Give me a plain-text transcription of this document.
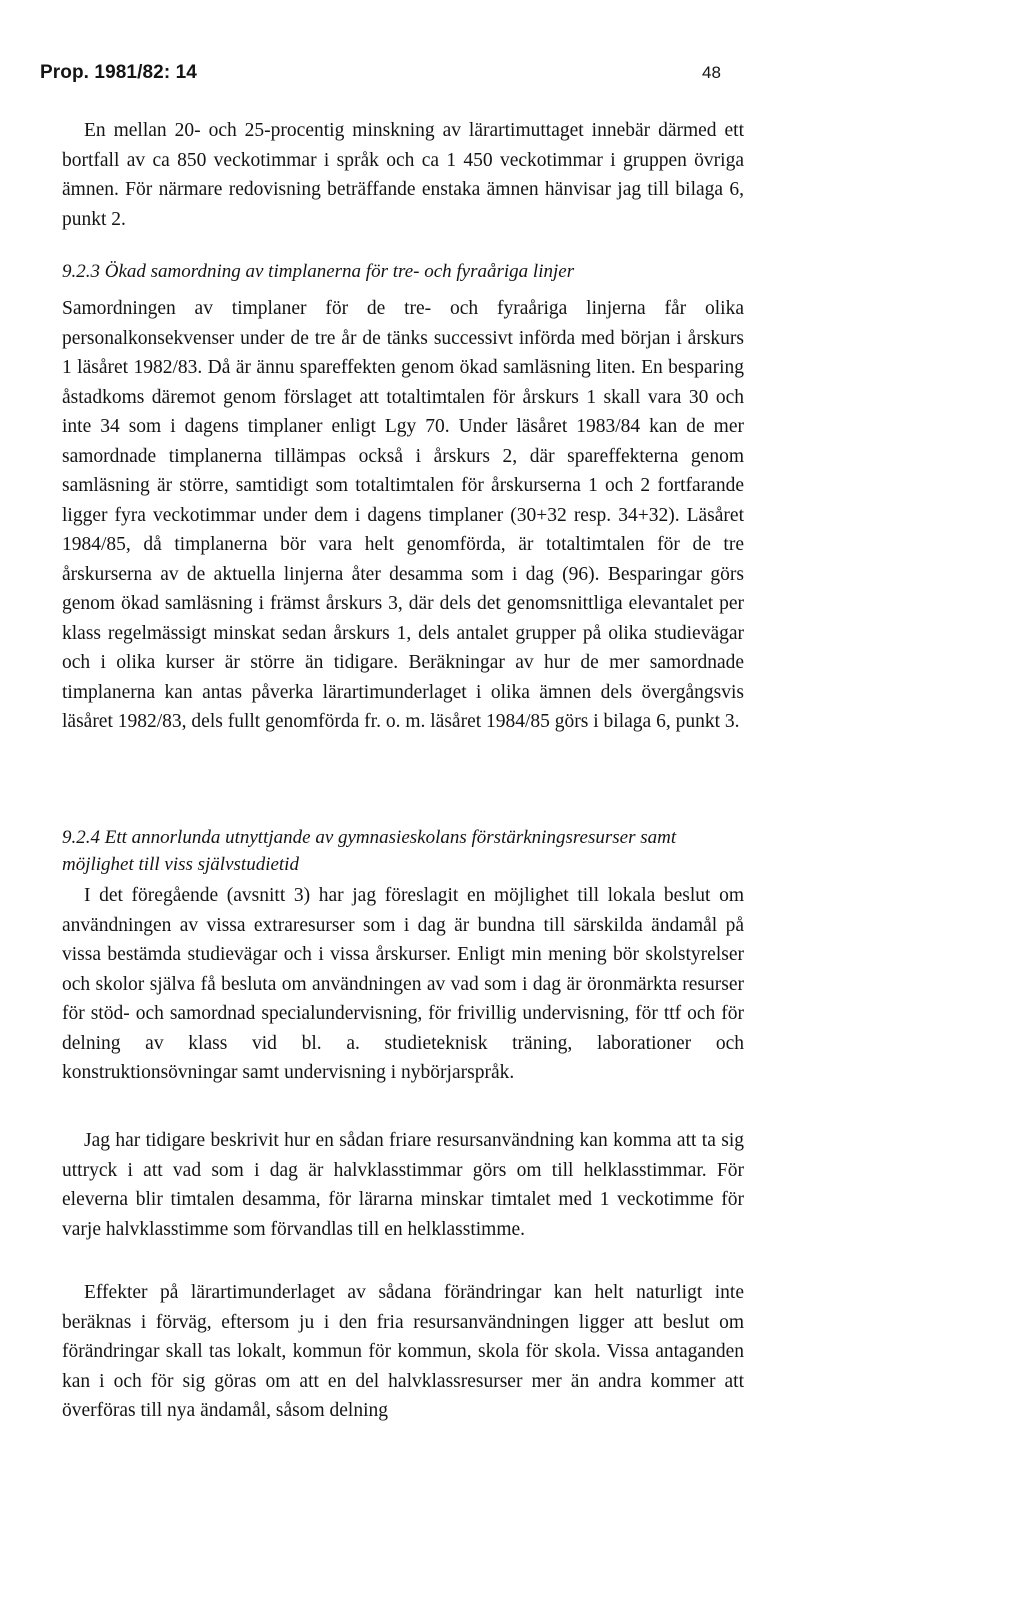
Prop. 1981/82: 14	48

En mellan 20- och 25-procentig minskning av lärartimuttaget innebär därmed ett bortfall av ca 850 veckotimmar i språk och ca 1 450 veckotimmar i gruppen övriga ämnen. För närmare redovisning beträffande enstaka ämnen hänvisar jag till bilaga 6, punkt 2.

9.2.3 Ökad samordning av timplanerna för tre- och fyraåriga linjer

Samordningen av timplaner för de tre- och fyraåriga linjerna får olika personalkonsekvenser under de tre år de tänks successivt införda med början i årskurs 1 läsåret 1982/83. Då är ännu spareffekten genom ökad samläsning liten. En besparing åstadkoms däremot genom förslaget att totaltimtalen för årskurs 1 skall vara 30 och inte 34 som i dagens timplaner enligt Lgy 70. Under läsåret 1983/84 kan de mer samordnade timplanerna tillämpas också i årskurs 2, där spareffekterna genom samläsning är större, samtidigt som totaltimtalen för årskurserna 1 och 2 fortfarande ligger fyra veckotimmar under dem i dagens timplaner (30+32 resp. 34+32). Läsåret 1984/85, då timplanerna bör vara helt genomförda, är totaltimtalen för de tre årskurserna av de aktuella linjerna åter desamma som i dag (96). Besparingar görs genom ökad samläsning i främst årskurs 3, där dels det genomsnittliga elevantalet per klass regelmässigt minskat sedan årskurs 1, dels antalet grupper på olika studievägar och i olika kurser är större än tidigare. Beräkningar av hur de mer samordnade timplanerna kan antas påverka lärartimunderlaget i olika ämnen dels övergångsvis läsåret 1982/83, dels fullt genomförda fr. o. m. läsåret 1984/85 görs i bilaga 6, punkt 3.

9.2.4 Ett annorlunda utnyttjande av gymnasieskolans förstärkningsresurser samt möjlighet till viss självstudietid

I det föregående (avsnitt 3) har jag föreslagit en möjlighet till lokala beslut om användningen av vissa extraresurser som i dag är bundna till särskilda ändamål på vissa bestämda studievägar och i vissa årskurser. Enligt min mening bör skolstyrelser och skolor själva få besluta om användningen av vad som i dag är öronmärkta resurser för stöd- och samordnad specialundervisning, för frivillig undervisning, för ttf och för delning av klass vid bl. a. studieteknisk träning, laborationer och konstruktionsövningar samt undervisning i nybörjarspråk.

Jag har tidigare beskrivit hur en sådan friare resursanvändning kan komma att ta sig uttryck i att vad som i dag är halvklasstimmar görs om till helklasstimmar. För eleverna blir timtalen desamma, för lärarna minskar timtalet med 1 veckotimme för varje halvklasstimme som förvandlas till en helklasstimme.

Effekter på lärartimunderlaget av sådana förändringar kan helt naturligt inte beräknas i förväg, eftersom ju i den fria resursanvändningen ligger att beslut om förändringar skall tas lokalt, kommun för kommun, skola för skola. Vissa antaganden kan i och för sig göras om att en del halvklassresurser mer än andra kommer att överföras till nya ändamål, såsom delning
